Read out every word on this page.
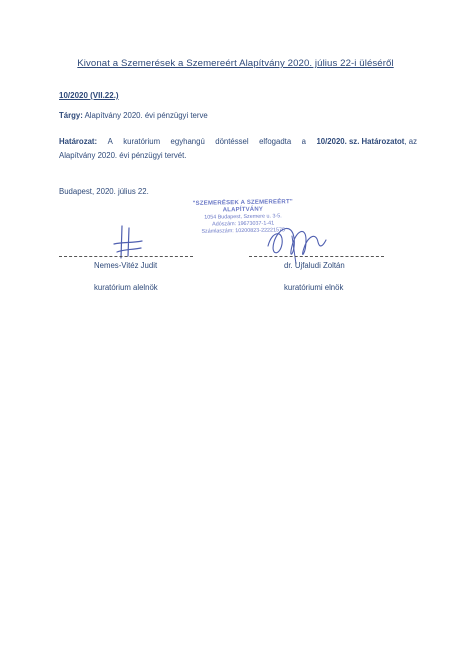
Kivonat a Szemerések a Szemereért Alapítvány 2020. július 22-i üléséről
10/2020 (VII.22.)
Tárgy: Alapítvány 2020. évi pénzügyi terve
Határozat: A kuratórium egyhangú döntéssel elfogadta a 10/2020. sz. Határozatot, az
Alapítvány 2020. évi pénzügyi tervét.
Budapest, 2020. július 22.
"SZEMERÉSEK A SZEMEREÉRT"
ALAPÍTVÁNY
1054 Budapest, Szemere u. 3-5.
Adószám: 19673037-1-41
Számlaszám: 10200823-22221575
Nemes-Vitéz Judit
kuratórium alelnök
dr. Ujfaludi Zoltán
kuratóriumi elnök
